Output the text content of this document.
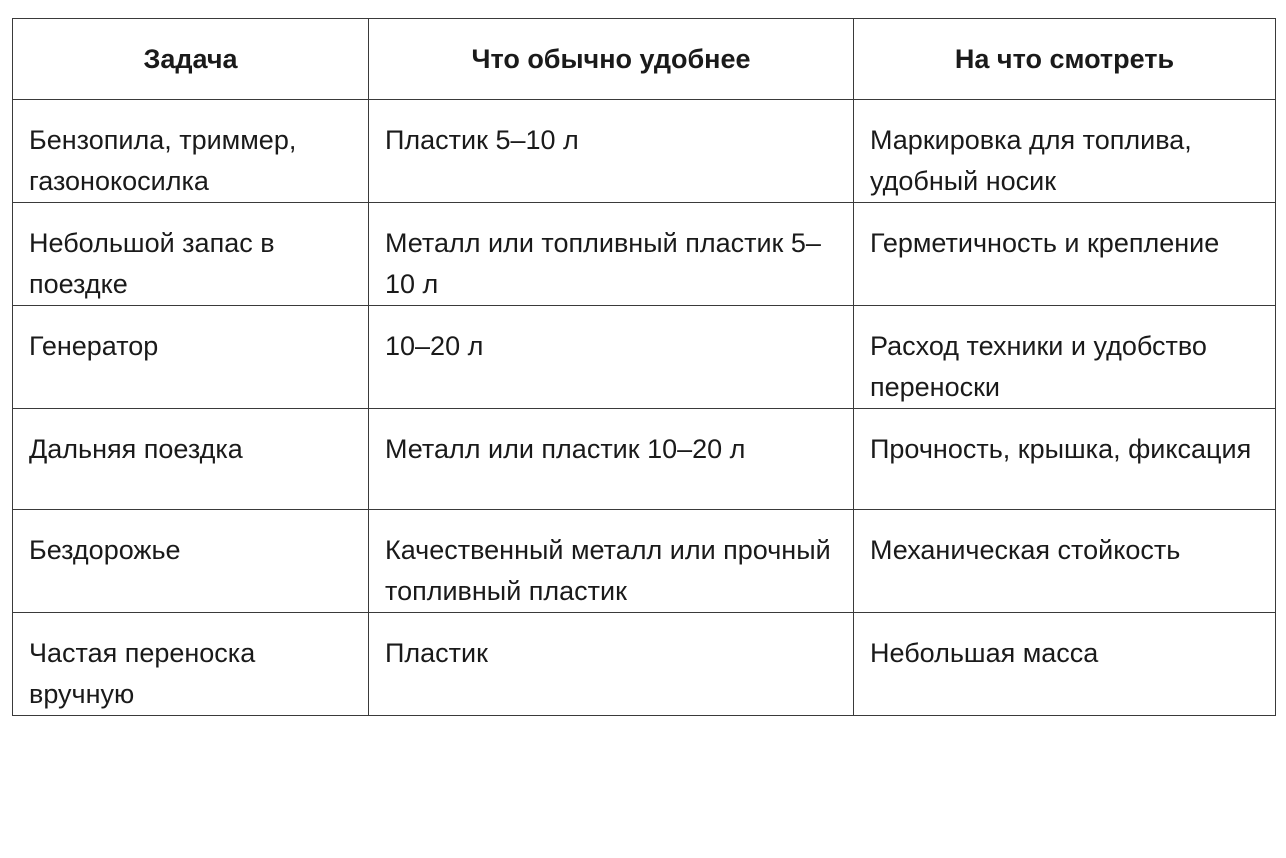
Задача	Что обычно удобнее	На что смотреть
Бензопила, триммер, газонокосилка	Пластик 5–10 л	Маркировка для топлива, удобный носик
Небольшой запас в поездке	Металл или топливный пластик 5–10 л	Герметичность и крепление
Генератор	10–20 л	Расход техники и удобство переноски
Дальняя поездка	Металл или пластик 10–20 л	Прочность, крышка, фиксация
Бездорожье	Качественный металл или прочный топливный пластик	Механическая стойкость
Частая переноска вручную	Пластик	Небольшая масса
